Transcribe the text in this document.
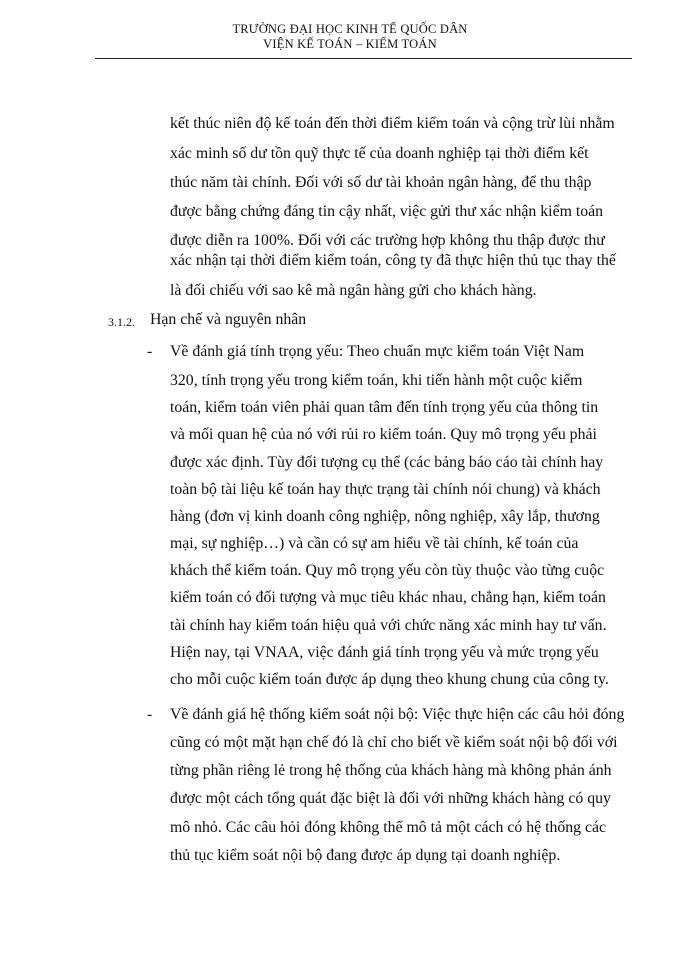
TRƯỜNG ĐẠI HỌC KINH TẾ QUỐC DÂN
VIỆN KẾ TOÁN – KIỂM TOÁN
kết thúc niên độ kế toán đến thời điểm kiểm toán và cộng trừ lùi nhằm
xác minh số dư tồn quỹ thực tế của doanh nghiệp tại thời điểm kết
thúc năm tài chính. Đối với số dư tài khoản ngân hàng, để thu thập
được bằng chứng đáng tin cậy nhất, việc gửi thư xác nhận kiểm toán
được diễn ra 100%. Đối với các trường hợp không thu thập được thư
xác nhận tại thời điểm kiểm toán, công ty đã thực hiện thủ tục thay thế
là đối chiếu với sao kê mà ngân hàng gửi cho khách hàng.
3.1.2. Hạn chế và nguyên nhân
- Về đánh giá tính trọng yếu: Theo chuẩn mực kiểm toán Việt Nam
320, tính trọng yếu trong kiểm toán, khi tiến hành một cuộc kiểm
toán, kiểm toán viên phải quan tâm đến tính trọng yếu của thông tin
và mối quan hệ của nó với rủi ro kiểm toán. Quy mô trọng yếu phải
được xác định. Tùy đối tượng cụ thể (các bảng báo cáo tài chính hay
toàn bộ tài liệu kế toán hay thực trạng tài chính nói chung) và khách
hàng (đơn vị kinh doanh công nghiệp, nông nghiệp, xây lắp, thương
mại, sự nghiệp…) và cần có sự am hiểu về tài chính, kế toán của
khách thể kiểm toán. Quy mô trọng yếu còn tùy thuộc vào từng cuộc
kiểm toán có đối tượng và mục tiêu khác nhau, chẳng hạn, kiểm toán
tài chính hay kiểm toán hiệu quả với chức năng xác minh hay tư vấn.
Hiện nay, tại VNAA, việc đánh giá tính trọng yếu và mức trọng yếu
cho mỗi cuộc kiểm toán được áp dụng theo khung chung của công ty.
- Về đánh giá hệ thống kiểm soát nội bộ: Việc thực hiện các câu hỏi đóng
cũng có một mặt hạn chế đó là chỉ cho biết về kiểm soát nội bộ đối với
từng phần riêng lẻ trong hệ thống của khách hàng mà không phản ánh
được một cách tổng quát đặc biệt là đối với những khách hàng có quy
mô nhỏ. Các câu hỏi đóng không thể mô tả một cách có hệ thống các
thủ tục kiểm soát nội bộ đang được áp dụng tại doanh nghiệp.
